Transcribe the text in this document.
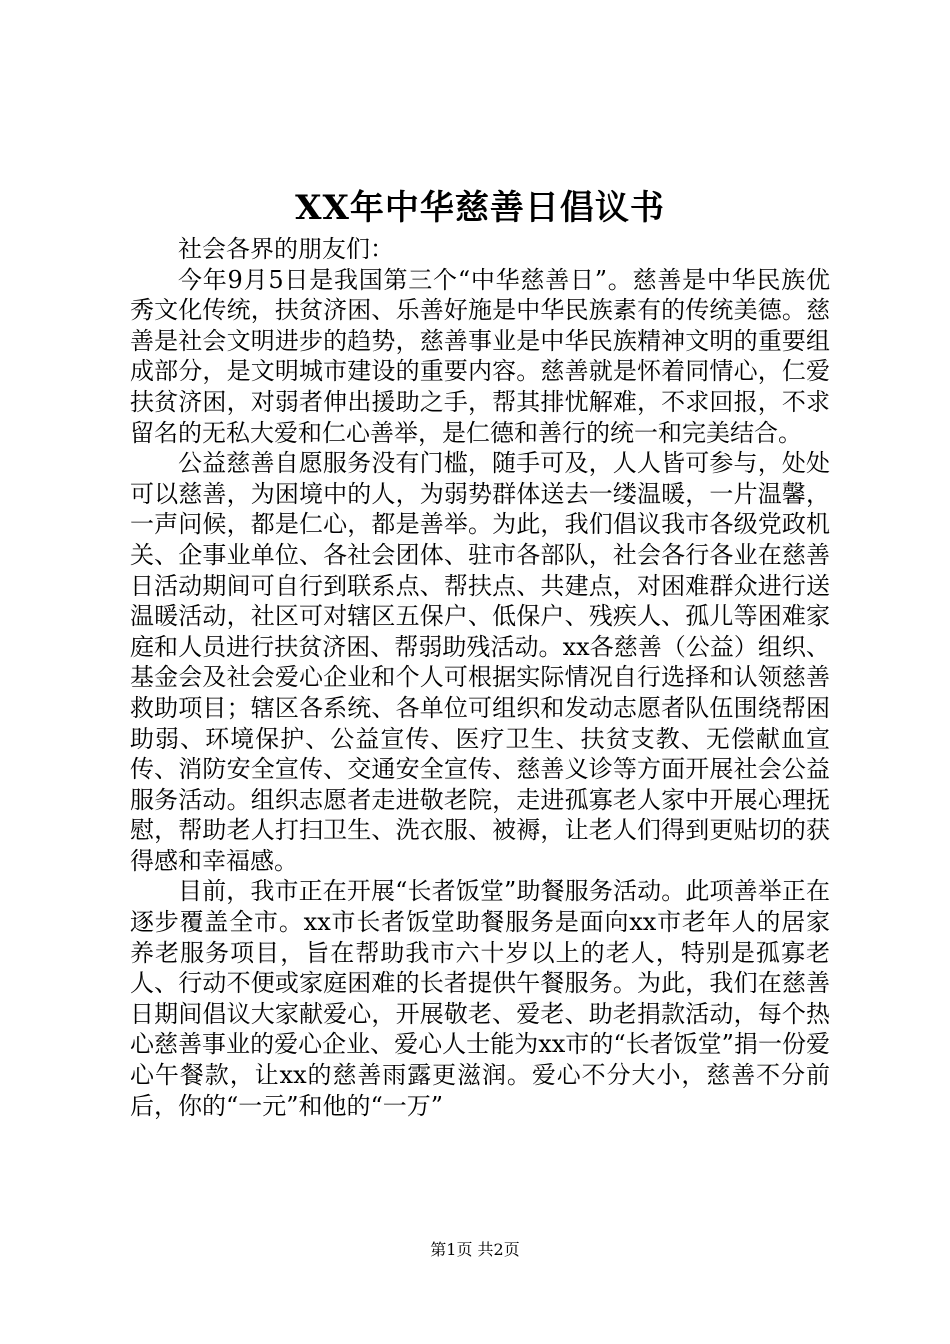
XX年中华慈善日倡议书

社会各界的朋友们：

今年9月5日是我国第三个“中华慈善日”。慈善是中华民族优秀文化传统，扶贫济困、乐善好施是中华民族素有的传统美德。慈善是社会文明进步的趋势，慈善事业是中华民族精神文明的重要组成部分，是文明城市建设的重要内容。慈善就是怀着同情心，仁爱扶贫济困，对弱者伸出援助之手，帮其排忧解难，不求回报，不求留名的无私大爱和仁心善举，是仁德和善行的统一和完美结合。

公益慈善自愿服务没有门槛，随手可及，人人皆可参与，处处可以慈善，为困境中的人，为弱势群体送去一缕温暖，一片温馨，一声问候，都是仁心，都是善举。为此，我们倡议我市各级党政机关、企事业单位、各社会团体、驻市各部队，社会各行各业在慈善日活动期间可自行到联系点、帮扶点、共建点，对困难群众进行送温暖活动，社区可对辖区五保户、低保户、残疾人、孤儿等困难家庭和人员进行扶贫济困、帮弱助残活动。xx各慈善（公益）组织、基金会及社会爱心企业和个人可根据实际情况自行选择和认领慈善救助项目；辖区各系统、各单位可组织和发动志愿者队伍围绕帮困助弱、环境保护、公益宣传、医疗卫生、扶贫支教、无偿献血宣传、消防安全宣传、交通安全宣传、慈善义诊等方面开展社会公益服务活动。组织志愿者走进敬老院，走进孤寡老人家中开展心理抚慰，帮助老人打扫卫生、洗衣服、被褥，让老人们得到更贴切的获得感和幸福感。

目前，我市正在开展“长者饭堂”助餐服务活动。此项善举正在逐步覆盖全市。xx市长者饭堂助餐服务是面向xx市老年人的居家养老服务项目，旨在帮助我市六十岁以上的老人，特别是孤寡老人、行动不便或家庭困难的长者提供午餐服务。为此，我们在慈善日期间倡议大家献爱心，开展敬老、爱老、助老捐款活动，每个热心慈善事业的爱心企业、爱心人士能为xx市的“长者饭堂”捐一份爱心午餐款，让xx的慈善雨露更滋润。爱心不分大小，慈善不分前后，你的“一元”和他的“一万”

第1页 共2页
